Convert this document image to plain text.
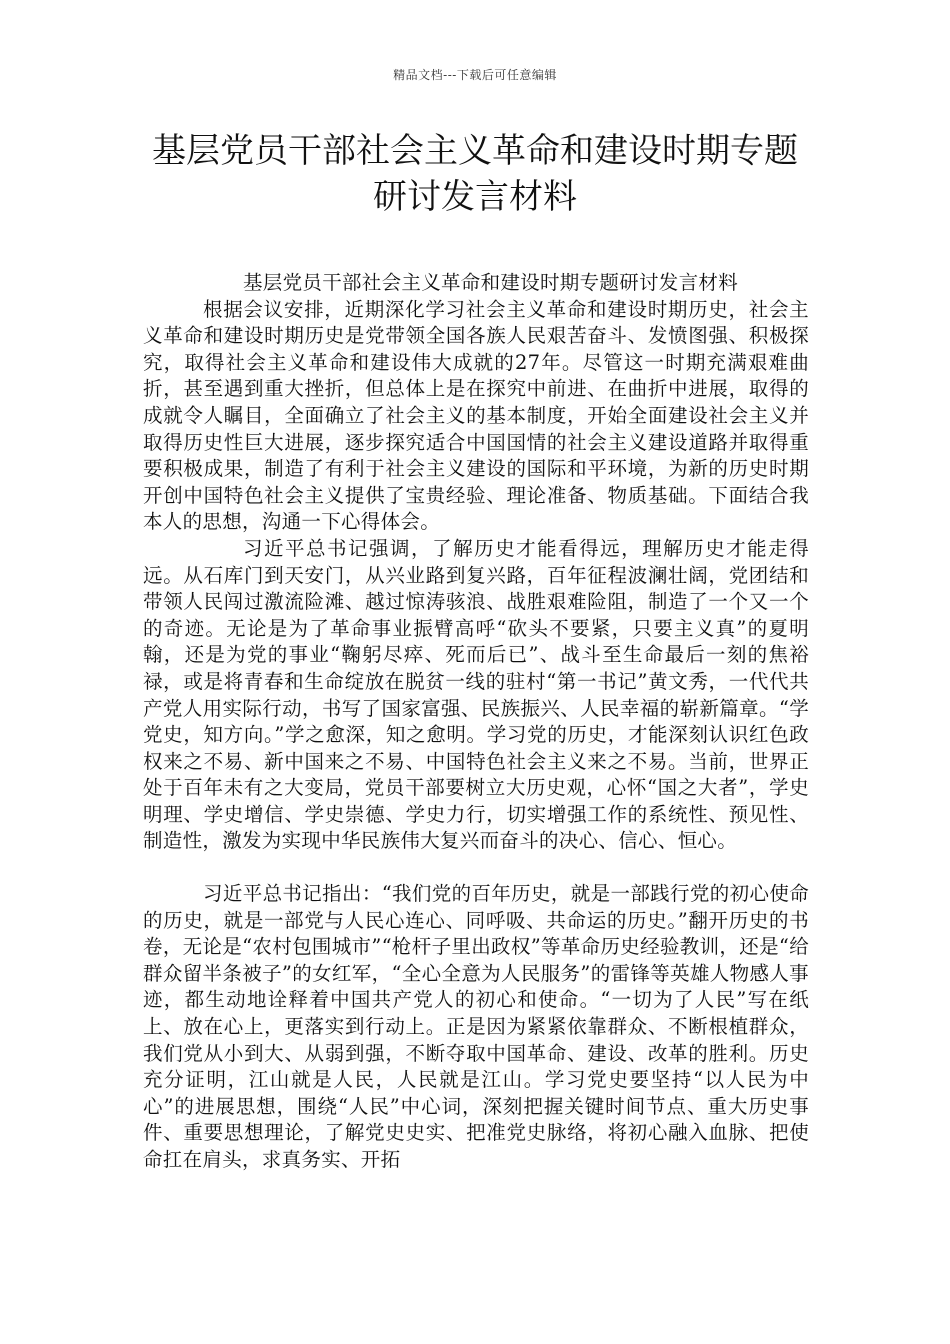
精品文档---下载后可任意编辑
基层党员干部社会主义革命和建设时期专题研讨发言材料

基层党员干部社会主义革命和建设时期专题研讨发言材料

根据会议安排，近期深化学习社会主义革命和建设时期历史，社会主义革命和建设时期历史是党带领全国各族人民艰苦奋斗、发愤图强、积极探究，取得社会主义革命和建设伟大成就的27年。尽管这一时期充满艰难曲折，甚至遇到重大挫折，但总体上是在探究中前进、在曲折中进展，取得的成就令人瞩目，全面确立了社会主义的基本制度，开始全面建设社会主义并取得历史性巨大进展，逐步探究适合中国国情的社会主义建设道路并取得重要积极成果，制造了有利于社会主义建设的国际和平环境，为新的历史时期开创中国特色社会主义提供了宝贵经验、理论准备、物质基础。下面结合我本人的思想，沟通一下心得体会。

习近平总书记强调，了解历史才能看得远，理解历史才能走得远。从石库门到天安门，从兴业路到复兴路，百年征程波澜壮阔，党团结和带领人民闯过激流险滩、越过惊涛骇浪、战胜艰难险阻，制造了一个又一个的奇迹。无论是为了革命事业振臂高呼“砍头不要紧，只要主义真”的夏明翰，还是为党的事业“鞠躬尽瘁、死而后已”、战斗至生命最后一刻的焦裕禄，或是将青春和生命绽放在脱贫一线的驻村“第一书记”黄文秀，一代代共产党人用实际行动，书写了国家富强、民族振兴、人民幸福的崭新篇章。“学党史，知方向。”学之愈深，知之愈明。学习党的历史，才能深刻认识红色政权来之不易、新中国来之不易、中国特色社会主义来之不易。当前，世界正处于百年未有之大变局，党员干部要树立大历史观，心怀“国之大者”，学史明理、学史增信、学史崇德、学史力行，切实增强工作的系统性、预见性、制造性，激发为实现中华民族伟大复兴而奋斗的决心、信心、恒心。

习近平总书记指出：“我们党的百年历史，就是一部践行党的初心使命的历史，就是一部党与人民心连心、同呼吸、共命运的历史。”翻开历史的书卷，无论是“农村包围城市”“枪杆子里出政权”等革命历史经验教训，还是“给群众留半条被子”的女红军，“全心全意为人民服务”的雷锋等英雄人物感人事迹，都生动地诠释着中国共产党人的初心和使命。“一切为了人民”写在纸上、放在心上，更落实到行动上。正是因为紧紧依靠群众、不断根植群众，我们党从小到大、从弱到强，不断夺取中国革命、建设、改革的胜利。历史充分证明，江山就是人民，人民就是江山。学习党史要坚持“以人民为中心”的进展思想，围绕“人民”中心词，深刻把握关键时间节点、重大历史事件、重要思想理论，了解党史史实、把准党史脉络，将初心融入血脉、把使命扛在肩头，求真务实、开拓
